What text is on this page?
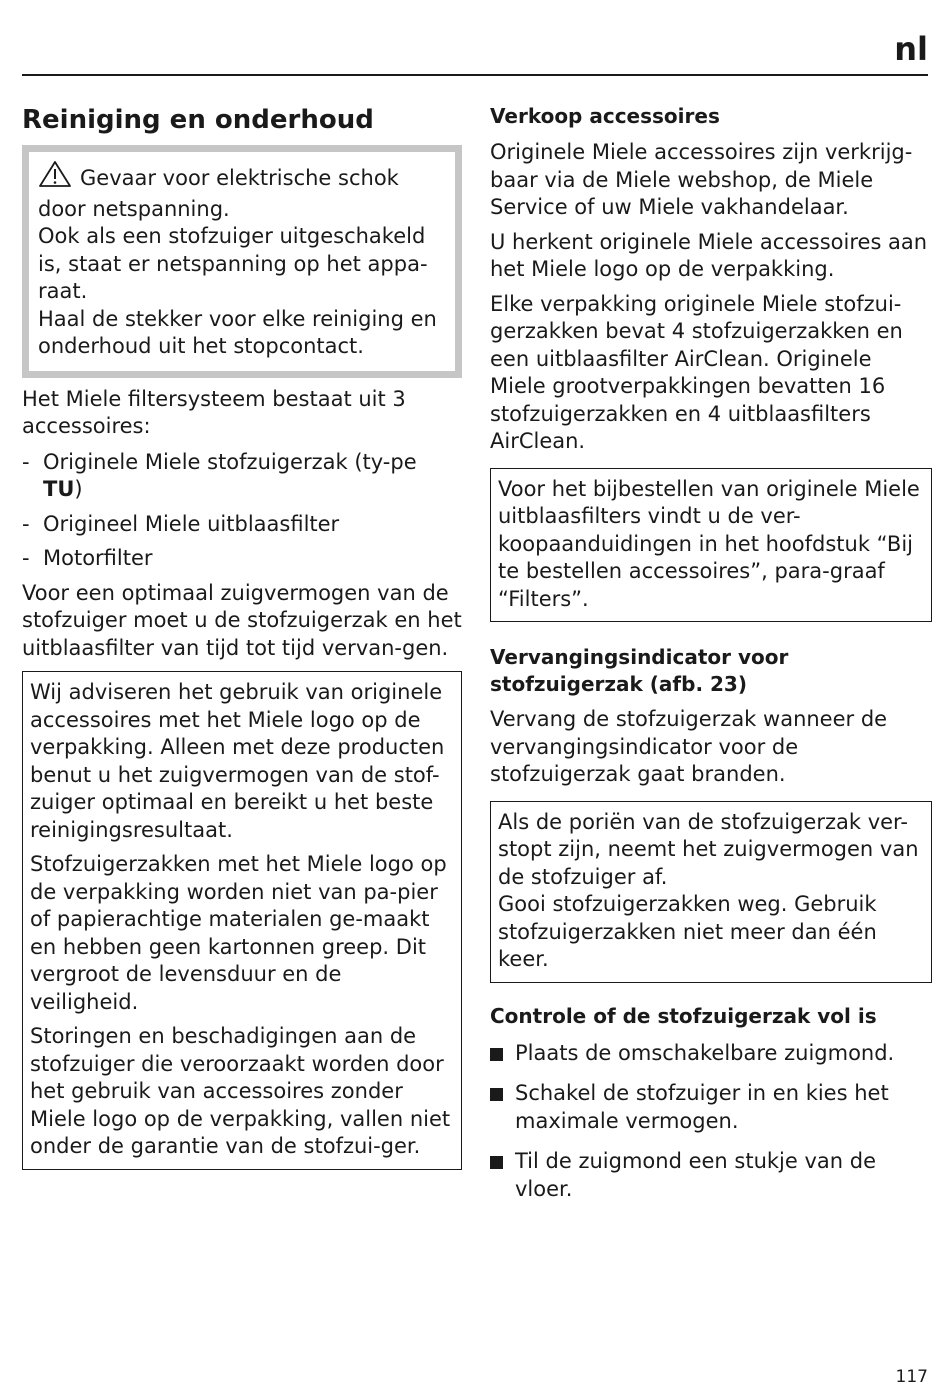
nl
Reiniging en onderhoud

Gevaar voor elektrische schok door netspanning.

Ook als een stofzuiger uitgeschakeld is, staat er netspanning op het appa-raat.

Haal de stekker voor elke reiniging en onderhoud uit het stopcontact.

Het Miele filtersysteem bestaat uit 3 accessoires:

- Originele Miele stofzuigerzak (ty-pe TU)
- Origineel Miele uitblaasfilter
- Motorfilter

Voor een optimaal zuigvermogen van de stofzuiger moet u de stofzuigerzak en het uitblaasfilter van tijd tot tijd vervan-gen.

Wij adviseren het gebruik van originele accessoires met het Miele logo op de verpakking. Alleen met deze producten benut u het zuigvermogen van de stof-zuiger optimaal en bereikt u het beste reinigingsresultaat.

Stofzuigerzakken met het Miele logo op de verpakking worden niet van pa-pier of papierachtige materialen ge-maakt en hebben geen kartonnen greep. Dit vergroot de levensduur en de veiligheid.

Storingen en beschadigingen aan de stofzuiger die veroorzaakt worden door het gebruik van accessoires zonder Miele logo op de verpakking, vallen niet onder de garantie van de stofzui-ger.

Verkoop accessoires

Originele Miele accessoires zijn verkrijg-baar via de Miele webshop, de Miele Service of uw Miele vakhandelaar.

U herkent originele Miele accessoires aan het Miele logo op de verpakking.

Elke verpakking originele Miele stofzui-gerzakken bevat 4 stofzuigerzakken en een uitblaasfilter AirClean. Originele Miele grootverpakkingen bevatten 16 stofzuigerzakken en 4 uitblaasfilters AirClean.

Voor het bijbestellen van originele Miele uitblaasfilters vindt u de ver-koopaanduidingen in het hoofdstuk “Bij te bestellen accessoires”, para-graaf “Filters”.

Vervangingsindicator voor stofzuigerzak (afb. 23)

Vervang de stofzuigerzak wanneer de vervangingsindicator voor de stofzuigerzak gaat branden.

Als de poriën van de stofzuigerzak ver-stopt zijn, neemt het zuigvermogen van de stofzuiger af.

Gooi stofzuigerzakken weg. Gebruik stofzuigerzakken niet meer dan één keer.

Controle of de stofzuigerzak vol is
Plaats de omschakelbare zuigmond.
Schakel de stofzuiger in en kies het maximale vermogen.
Til de zuigmond een stukje van de vloer.
117
